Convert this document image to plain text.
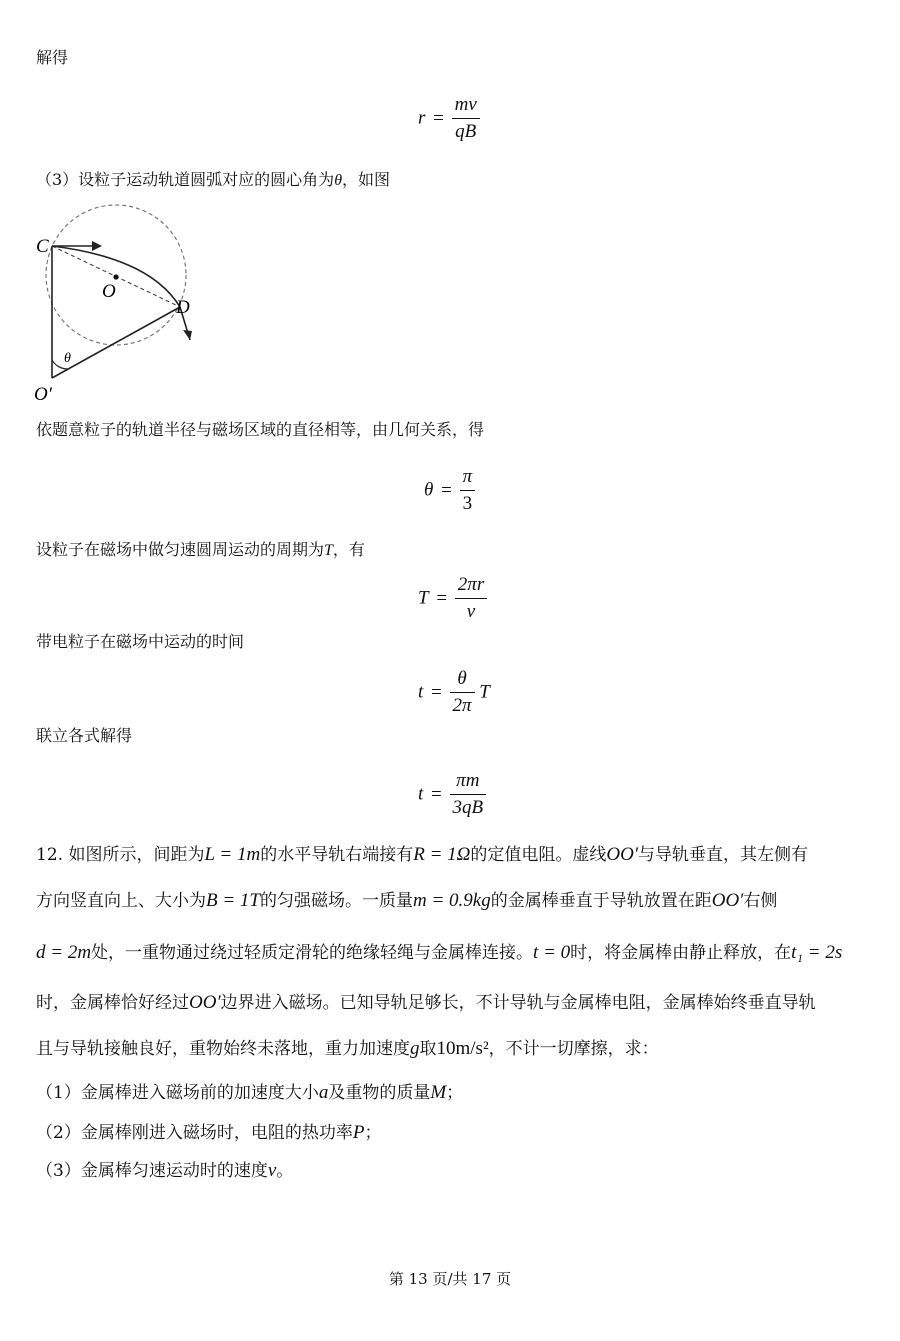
解得
$r = \frac{mv}{qB}$
（3）设粒子运动轨道圆弧对应的圆心角为θ，如图
C
O
D
O′
θ
依题意粒子的轨道半径与磁场区域的直径相等，由几何关系，得
$\theta = \frac{\pi}{3}$
设粒子在磁场中做匀速圆周运动的周期为T，有
$T = \frac{2\pi r}{v}$
带电粒子在磁场中运动的时间
$t = \frac{\theta}{2\pi}$ T
联立各式解得
$t = \frac{\pi m}{3qB}$
12. 如图所示，间距为L = 1m的水平导轨右端接有R = 1Ω的定值电阻。虚线OO′与导轨垂直，其左侧有
方向竖直向上、大小为B = 1T的匀强磁场。一质量m = 0.9kg的金属棒垂直于导轨放置在距OO′右侧
d = 2m处，一重物通过绕过轻质定滑轮的绝缘轻绳与金属棒连接。t = 0时，将金属棒由静止释放，在t₁ = 2s
时，金属棒恰好经过OO′边界进入磁场。已知导轨足够长，不计导轨与金属棒电阻，金属棒始终垂直导轨
且与导轨接触良好，重物始终未落地，重力加速度g取10m/s²，不计一切摩擦，求：
（1）金属棒进入磁场前的加速度大小a及重物的质量M；
（2）金属棒刚进入磁场时，电阻的热功率P；
（3）金属棒匀速运动时的速度v。
第 13 页/共 17 页
